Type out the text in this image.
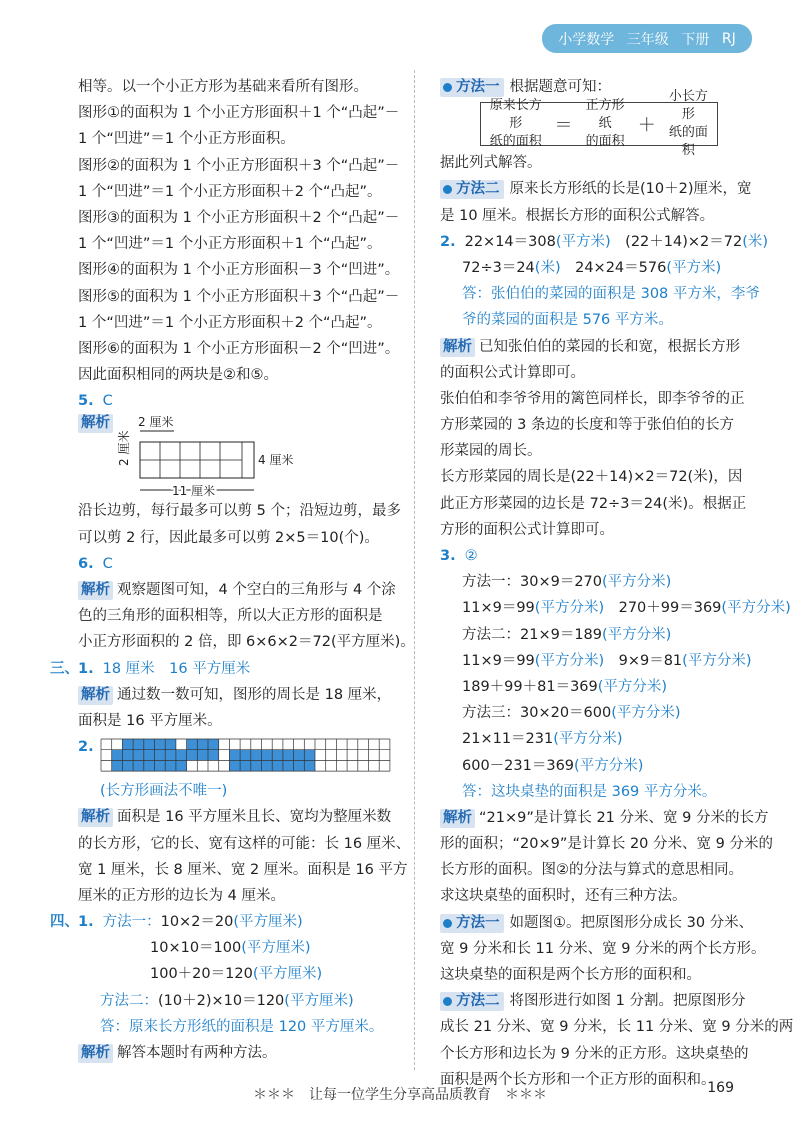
小学数学 三年级 下册 RJ
相等。以一个小正方形为基础来看所有图形。
图形①的面积为 1 个小正方形面积＋1 个“凸起”－
1 个“凹进”＝1 个小正方形面积。
图形②的面积为 1 个小正方形面积＋3 个“凸起”－
1 个“凹进”＝1 个小正方形面积＋2 个“凸起”。
图形③的面积为 1 个小正方形面积＋2 个“凸起”－
1 个“凹进”＝1 个小正方形面积＋1 个“凸起”。
图形④的面积为 1 个小正方形面积－3 个“凹进”。
图形⑤的面积为 1 个小正方形面积＋3 个“凸起”－
1 个“凹进”＝1 个小正方形面积＋2 个“凸起”。
图形⑥的面积为 1 个小正方形面积－2 个“凹进”。
因此面积相同的两块是②和⑤。
5. C
解析 2 厘米
2 厘米	4 厘米
11 厘米
沿长边剪，每行最多可以剪 5 个；沿短边剪，最多
可以剪 2 行，因此最多可以剪 2×5＝10(个)。
6. C
解析 观察题图可知，4 个空白的三角形与 4 个涂
色的三角形的面积相等，所以大正方形的面积是
小正方形面积的 2 倍，即 6×6×2＝72(平方厘米)。
三、 1. 18 厘米　16 平方厘米
解析 通过数一数可知，图形的周长是 18 厘米，
面积是 16 平方厘米。
2.
(长方形画法不唯一)
解析 面积是 16 平方厘米且长、宽均为整厘米数
的长方形，它的长、宽有这样的可能：长 16 厘米、
宽 1 厘米，长 8 厘米、宽 2 厘米。面积是 16 平方
厘米的正方形的边长为 4 厘米。
四、 1. 方法一：10×2＝20(平方厘米)
10×10＝100(平方厘米)
100＋20＝120(平方厘米)
方法二：(10＋2)×10＝120(平方厘米)
答：原来长方形纸的面积是 120 平方厘米。
解析 解答本题时有两种方法。
方法一 根据题意可知：
原来长方形
纸的面积
＝
正方形纸
的面积
＋
小长方形
纸的面积
据此列式解答。
方法二 原来长方形纸的长是(10＋2)厘米，宽
是 10 厘米。根据长方形的面积公式解答。
2. 22×14＝308(平方米)　(22＋14)×2＝72(米)
72÷3＝24(米)　24×24＝576(平方米)
答：张伯伯的菜园的面积是 308 平方米，李爷
爷的菜园的面积是 576 平方米。
解析 已知张伯伯的菜园的长和宽，根据长方形
的面积公式计算即可。
张伯伯和李爷爷用的篱笆同样长，即李爷爷的正
方形菜园的 3 条边的长度和等于张伯伯的长方
形菜园的周长。
长方形菜园的周长是(22＋14)×2＝72(米)，因
此正方形菜园的边长是 72÷3＝24(米)。根据正
方形的面积公式计算即可。
3. ②
方法一：30×9＝270(平方分米)
11×9＝99(平方分米)　270＋99＝369(平方分米)
方法二：21×9＝189(平方分米)
11×9＝99(平方分米)　9×9＝81(平方分米)
189＋99＋81＝369(平方分米)
方法三：30×20＝600(平方分米)
21×11＝231(平方分米)
600－231＝369(平方分米)
答：这块桌垫的面积是 369 平方分米。
解析 “21×9”是计算长 21 分米、宽 9 分米的长方
形的面积；“20×9”是计算长 20 分米、宽 9 分米的
长方形的面积。图②的分法与算式的意思相同。
求这块桌垫的面积时，还有三种方法。
方法一 如题图①。把原图形分成长 30 分米、
宽 9 分米和长 11 分米、宽 9 分米的两个长方形。
这块桌垫的面积是两个长方形的面积和。
方法二 将图形进行如图 1 分割。把原图形分
成长 21 分米、宽 9 分米，长 11 分米、宽 9 分米的两
个长方形和边长为 9 分米的正方形。这块桌垫的
面积是两个长方形和一个正方形的面积和。
＊＊＊　让每一位学生分享高品质教育　＊＊＊	169
